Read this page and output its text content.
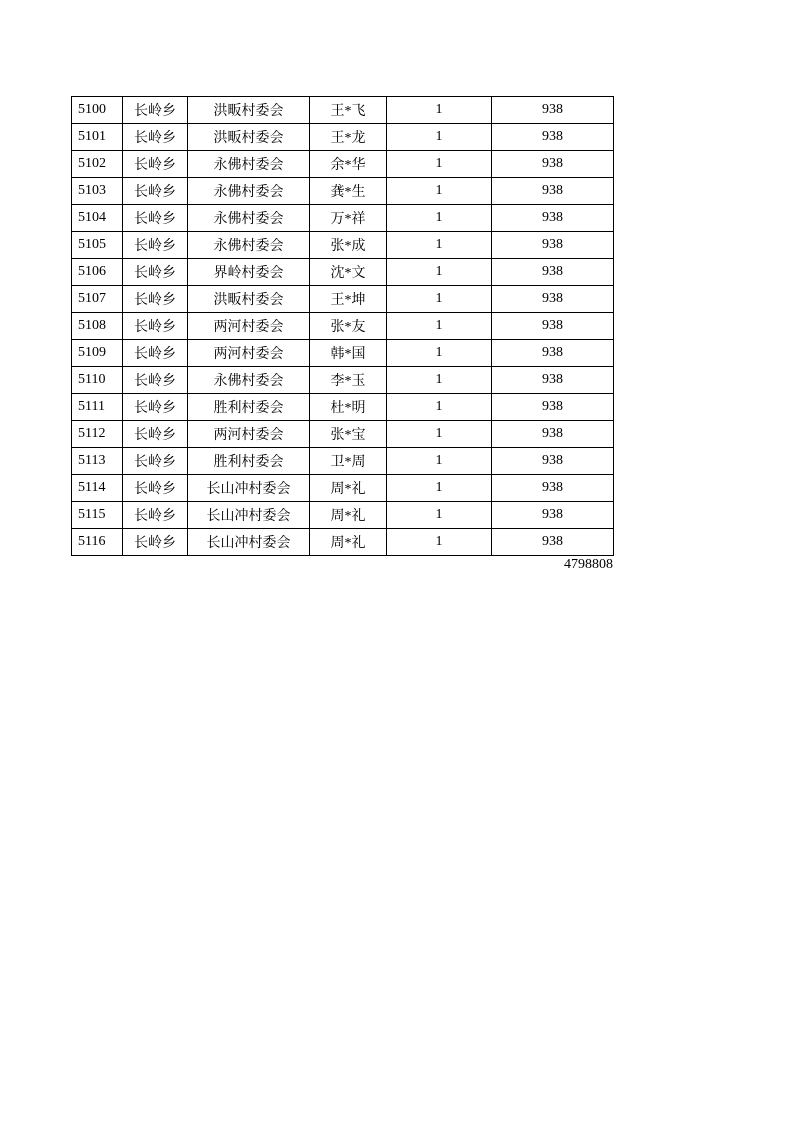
5100	长岭乡	洪畈村委会	王*飞	1	938
5101	长岭乡	洪畈村委会	王*龙	1	938
5102	长岭乡	永佛村委会	余*华	1	938
5103	长岭乡	永佛村委会	龚*生	1	938
5104	长岭乡	永佛村委会	万*祥	1	938
5105	长岭乡	永佛村委会	张*成	1	938
5106	长岭乡	界岭村委会	沈*文	1	938
5107	长岭乡	洪畈村委会	王*坤	1	938
5108	长岭乡	两河村委会	张*友	1	938
5109	长岭乡	两河村委会	韩*国	1	938
5110	长岭乡	永佛村委会	李*玉	1	938
5111	长岭乡	胜利村委会	杜*明	1	938
5112	长岭乡	两河村委会	张*宝	1	938
5113	长岭乡	胜利村委会	卫*周	1	938
5114	长岭乡	长山冲村委会	周*礼	1	938
5115	长岭乡	长山冲村委会	周*礼	1	938
5116	长岭乡	长山冲村委会	周*礼	1	938
4798808
